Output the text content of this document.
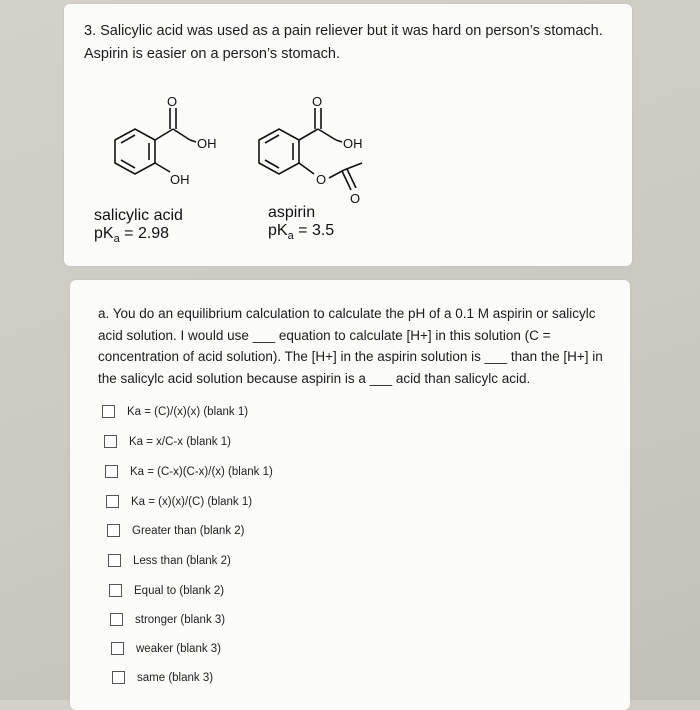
3. Salicylic acid was used as a pain reliever but it was hard on person’s stomach. Aspirin is easier on a person’s stomach.
O
OH
OH
O
OH
O
O
salicylic acid
$pK_a = 2.98$
aspirin
$pK_a = 3.5$
a. You do an equilibrium calculation to calculate the pH of a 0.1 M aspirin or salicylc acid solution. I would use ___ equation to calculate [H+] in this solution (C = concentration of acid solution). The [H+] in the aspirin solution is ___ than the [H+] in the salicylc acid solution because aspirin is a ___ acid than salicylc acid.
Ka = (C)/(x)(x) (blank 1)
Ka = x/C-x (blank 1)
Ka = (C-x)(C-x)/(x) (blank 1)
Ka = (x)(x)/(C) (blank 1)
Greater than (blank 2)
Less than (blank 2)
Equal to (blank 2)
stronger (blank 3)
weaker (blank 3)
same (blank 3)
